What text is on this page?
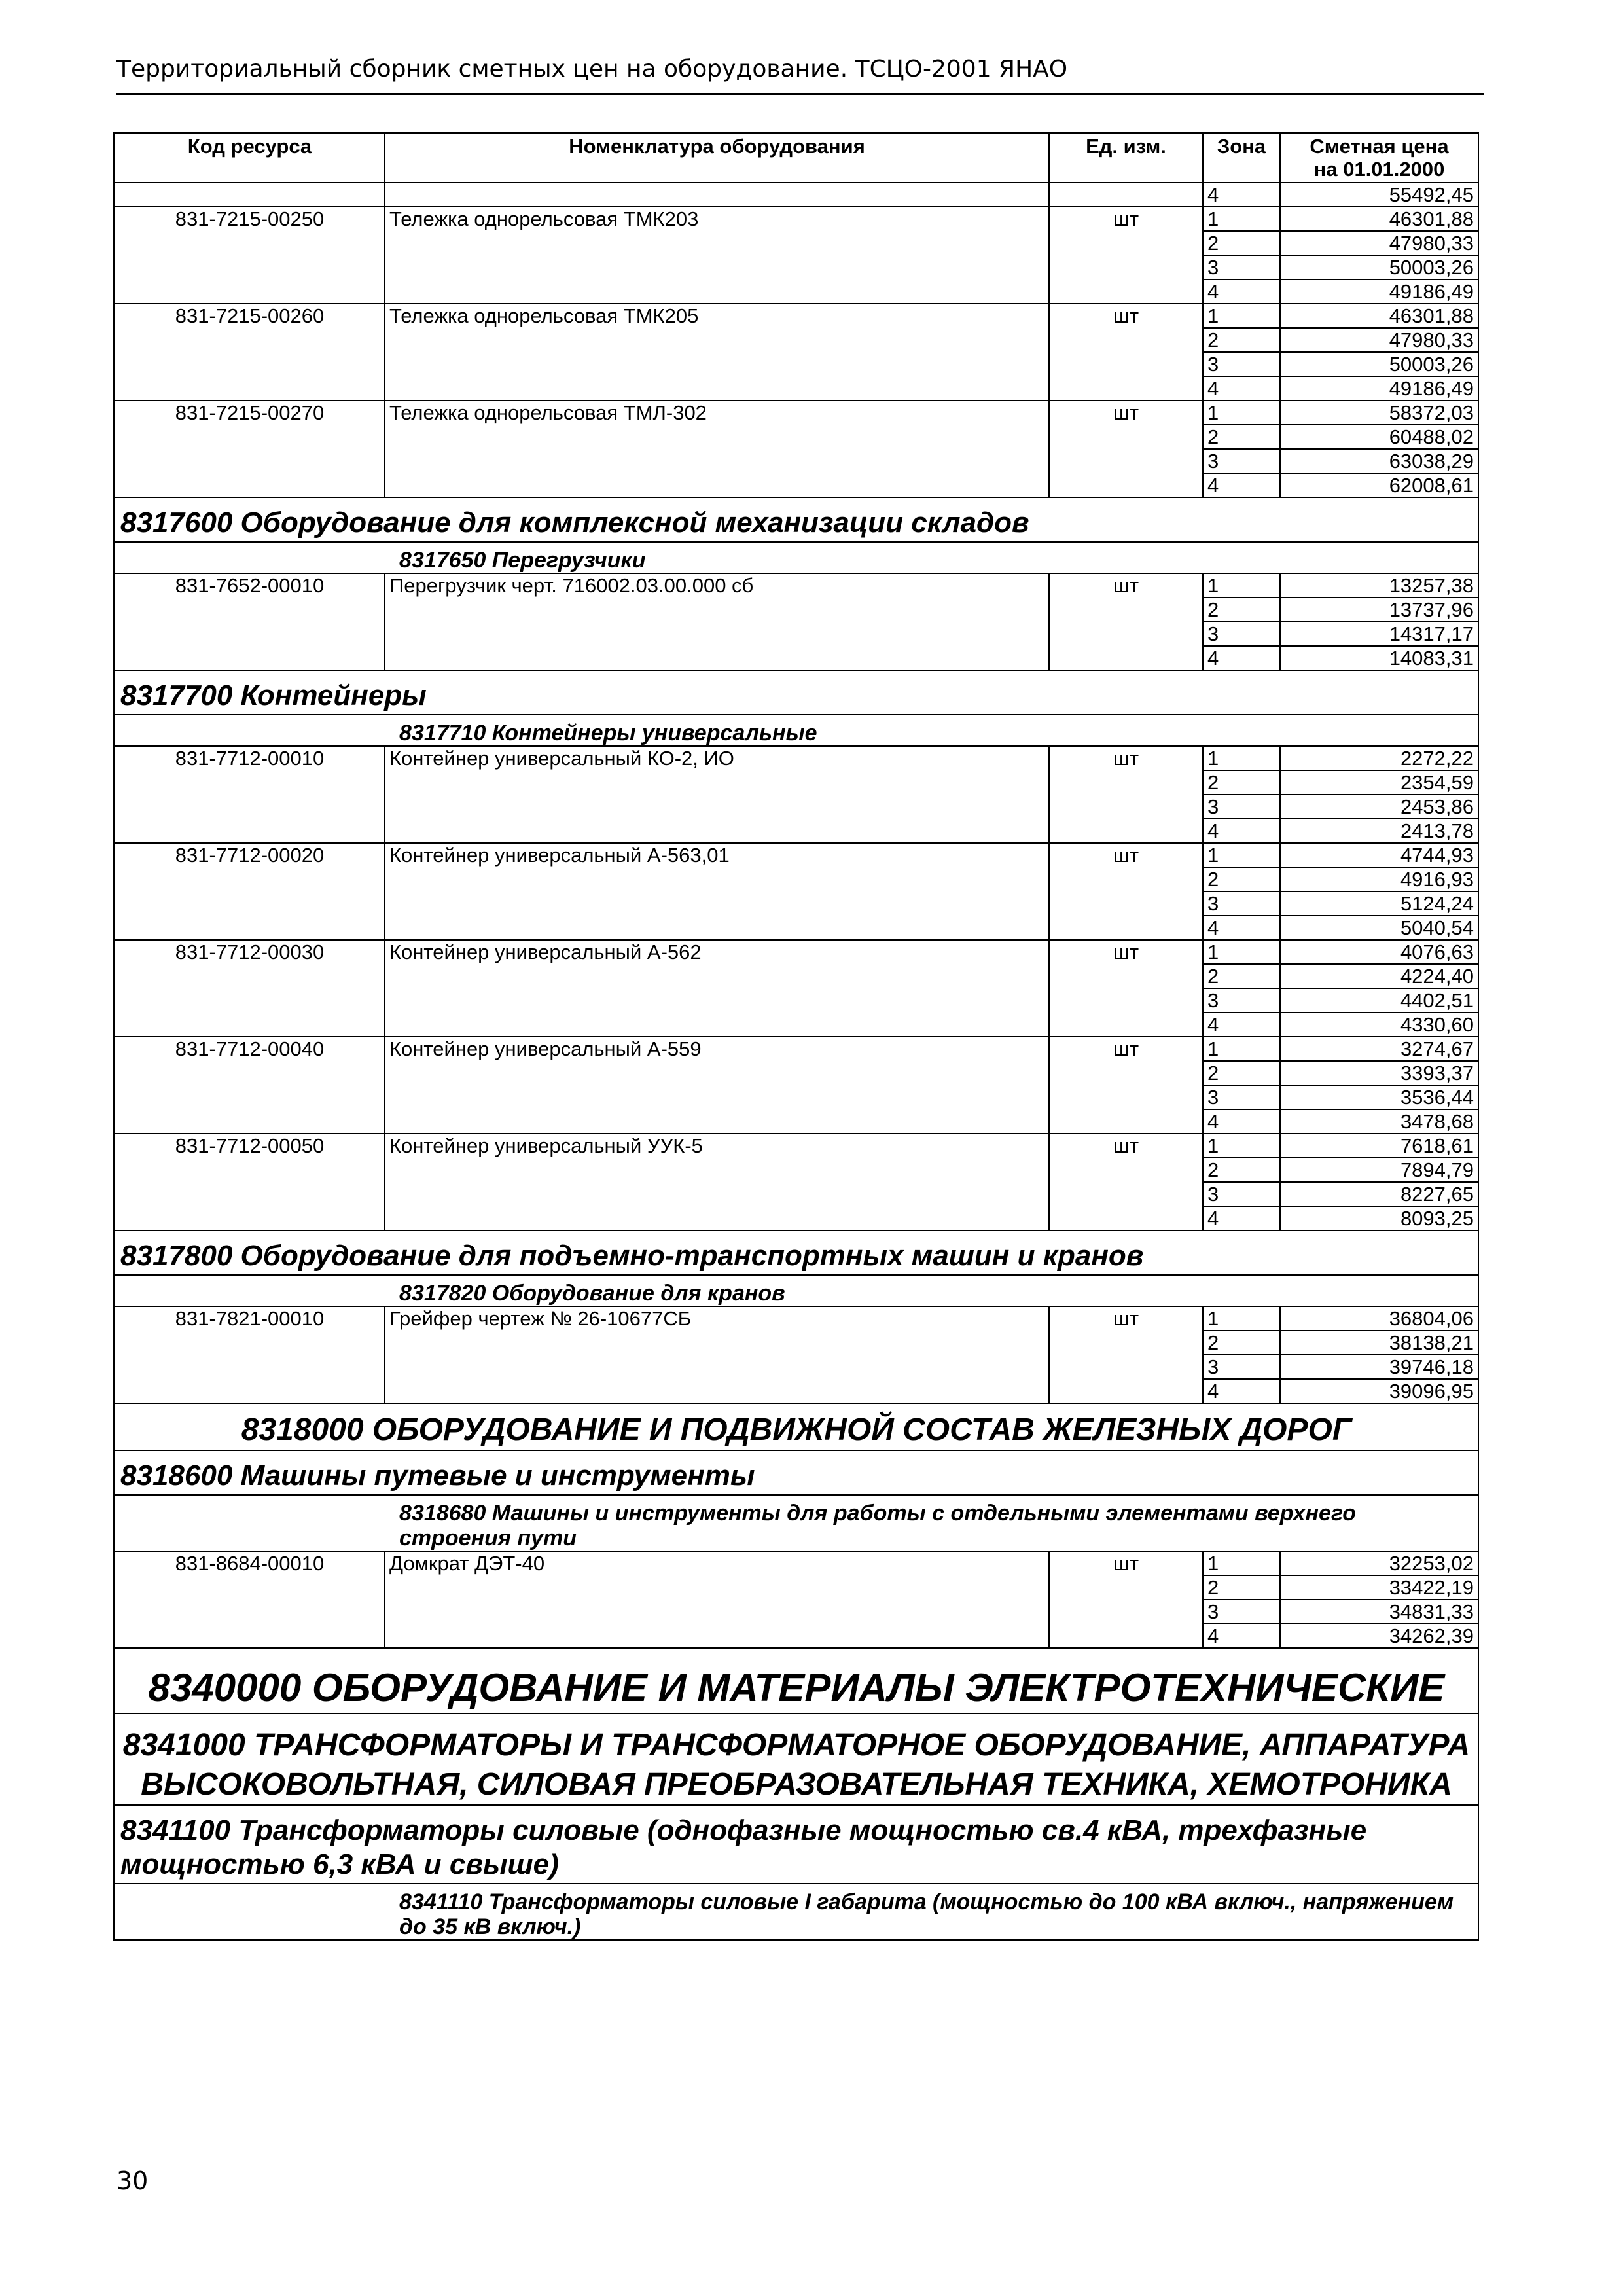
Территориальный сборник сметных цен на оборудование. ТСЦО-2001 ЯНАО
Код ресурса	Номенклатура оборудования	Ед. изм.	Зона	Сметная цена
на 01.01.2000
			4	55492,45
831-7215-00250	Тележка однорельсовая ТМК203	шт	1	46301,88
			2	47980,33
			3	50003,26
			4	49186,49
831-7215-00260	Тележка однорельсовая ТМК205	шт	1	46301,88
			2	47980,33
			3	50003,26
			4	49186,49
831-7215-00270	Тележка однорельсовая ТМЛ-302	шт	1	58372,03
			2	60488,02
			3	63038,29
			4	62008,61
8317600 Оборудование для комплексной механизации складов				
8317650 Перегрузчики				
831-7652-00010	Перегрузчик черт. 716002.03.00.000 сб	шт	1	13257,38
			2	13737,96
			3	14317,17
			4	14083,31
8317700 Контейнеры				
8317710 Контейнеры универсальные				
831-7712-00010	Контейнер универсальный КО-2, ИО	шт	1	2272,22
			2	2354,59
			3	2453,86
			4	2413,78
831-7712-00020	Контейнер универсальный А-563,01	шт	1	4744,93
			2	4916,93
			3	5124,24
			4	5040,54
831-7712-00030	Контейнер универсальный А-562	шт	1	4076,63
			2	4224,40
			3	4402,51
			4	4330,60
831-7712-00040	Контейнер универсальный А-559	шт	1	3274,67
			2	3393,37
			3	3536,44
			4	3478,68
831-7712-00050	Контейнер универсальный УУК-5	шт	1	7618,61
			2	7894,79
			3	8227,65
			4	8093,25
8317800 Оборудование для подъемно-транспортных машин и кранов				
8317820 Оборудование для кранов				
831-7821-00010	Грейфер чертеж № 26-10677СБ	шт	1	36804,06
			2	38138,21
			3	39746,18
			4	39096,95
8318000 ОБОРУДОВАНИЕ И ПОДВИЖНОЙ СОСТАВ ЖЕЛЕЗНЫХ ДОРОГ				
8318600 Машины путевые и инструменты				
8318680 Машины и инструменты для работы с отдельными элементами верхнего строения пути				
831-8684-00010	Домкрат ДЭТ-40	шт	1	32253,02
			2	33422,19
			3	34831,33
			4	34262,39
8340000 ОБОРУДОВАНИЕ И МАТЕРИАЛЫ ЭЛЕКТРОТЕХНИЧЕСКИЕ				
8341000 ТРАНСФОРМАТОРЫ И ТРАНСФОРМАТОРНОЕ ОБОРУДОВАНИЕ, АППАРАТУРА ВЫСОКОВОЛЬТНАЯ, СИЛОВАЯ ПРЕОБРАЗОВАТЕЛЬНАЯ ТЕХНИКА, ХЕМОТРОНИКА				
8341100 Трансформаторы силовые (однофазные мощностью св.4 кВА, трехфазные мощностью 6,3 кВА и свыше)				
8341110 Трансформаторы силовые I габарита (мощностью до 100 кВА включ., напряжением до 35 кВ включ.)				
30
